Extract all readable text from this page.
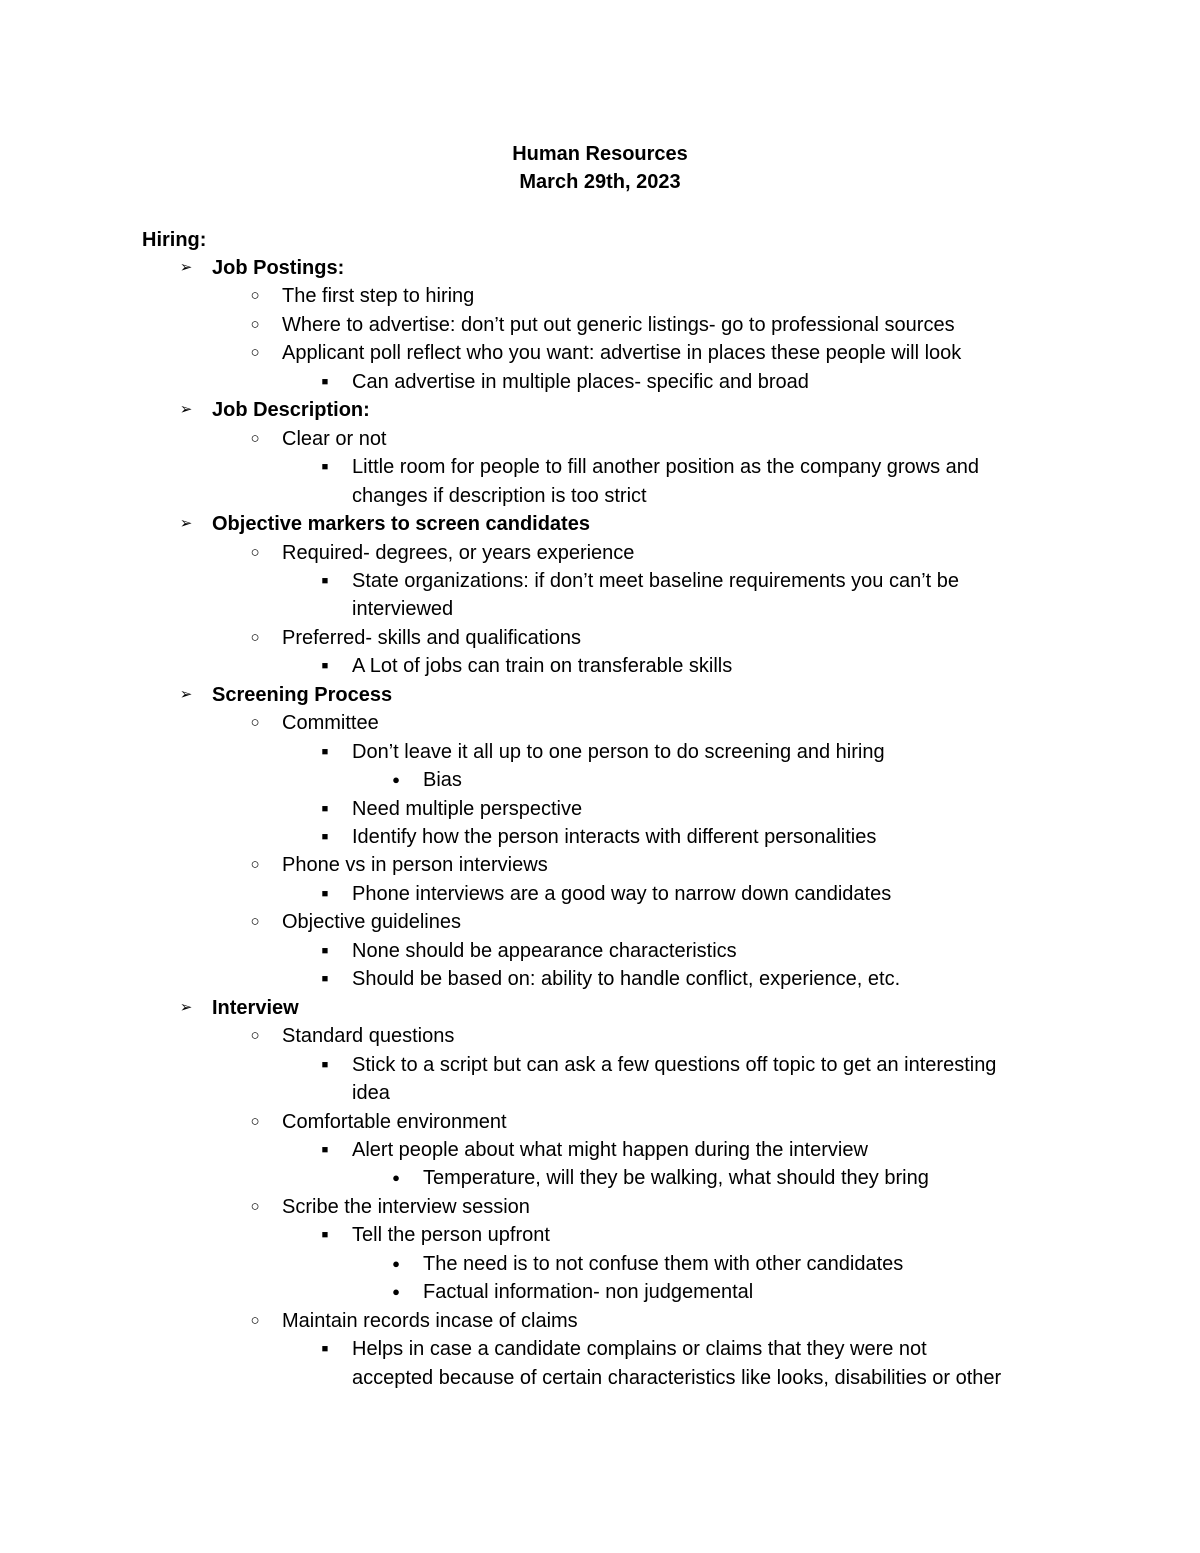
Human Resources
March 29th, 2023
Hiring:
➢ Job Postings:
○	The first step to hiring
○	Where to advertise: don’t put out generic listings- go to professional sources
○	Applicant poll reflect who you want: advertise in places these people will look
■	Can advertise in multiple places- specific and broad
➢ Job Description:
○	Clear or not
■	Little room for people to fill another position as the company grows and
changes if description is too strict
➢ Objective markers to screen candidates
○	Required- degrees, or years experience
■	State organizations: if don’t meet baseline requirements you can’t be
interviewed
○	Preferred- skills and qualifications
■	A Lot of jobs can train on transferable skills
➢ Screening Process
○	Committee
■	Don’t leave it all up to one person to do screening and hiring
●	Bias
■	Need multiple perspective
■	Identify how the person interacts with different personalities
○	Phone vs in person interviews
■	Phone interviews are a good way to narrow down candidates
○	Objective guidelines
■	None should be appearance characteristics
■	Should be based on: ability to handle conflict, experience, etc.
➢ Interview
○	Standard questions
■	Stick to a script but can ask a few questions off topic to get an interesting
idea
○	Comfortable environment
■	Alert people about what might happen during the interview
●	Temperature, will they be walking, what should they bring
○	Scribe the interview session
■	Tell the person upfront
●	The need is to not confuse them with other candidates
●	Factual information- non judgemental
○	Maintain records incase of claims
■	Helps in case a candidate complains or claims that they were not
accepted because of certain characteristics like looks, disabilities or other
